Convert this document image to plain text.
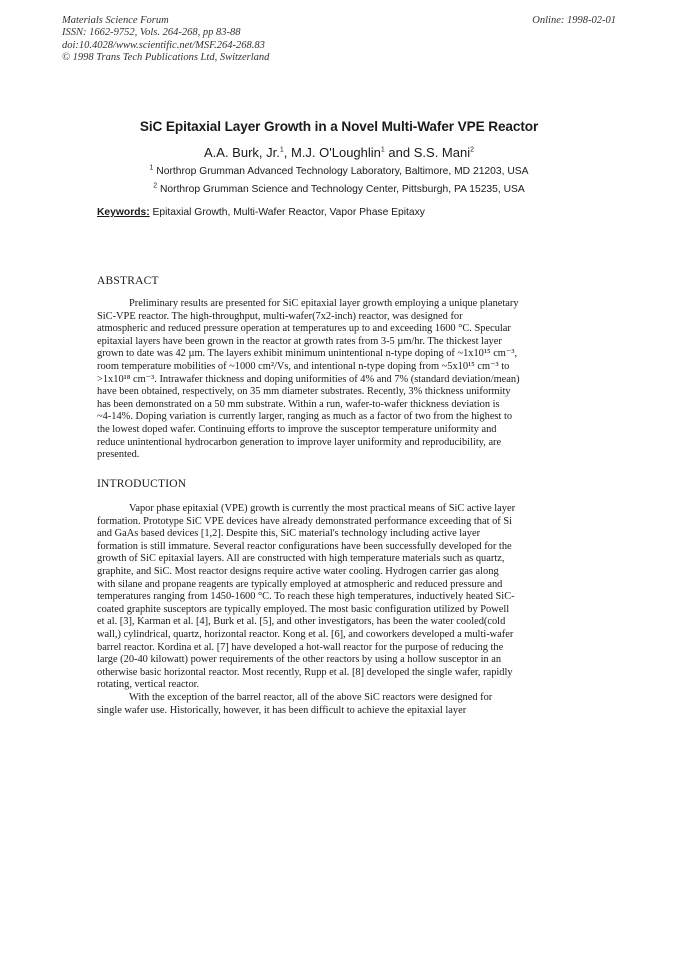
Materials Science Forum
ISSN: 1662-9752, Vols. 264-268, pp 83-88
doi:10.4028/www.scientific.net/MSF.264-268.83
© 1998 Trans Tech Publications Ltd, Switzerland
Online: 1998-02-01
SiC Epitaxial Layer Growth in a Novel Multi-Wafer VPE Reactor
A.A. Burk, Jr.$^1$, M.J. O'Loughlin$^1$ and S.S. Mani$^2$
$^1$ Northrop Grumman Advanced Technology Laboratory, Baltimore, MD 21203, USA
$^2$ Northrop Grumman Science and Technology Center, Pittsburgh, PA 15235, USA
Keywords: Epitaxial Growth, Multi-Wafer Reactor, Vapor Phase Epitaxy
ABSTRACT
Preliminary results are presented for SiC epitaxial layer growth employing a unique planetary
SiC-VPE reactor. The high-throughput, multi-wafer(7x2-inch) reactor, was designed for
atmospheric and reduced pressure operation at temperatures up to and exceeding 1600 °C. Specular
epitaxial layers have been grown in the reactor at growth rates from 3-5 µm/hr. The thickest layer
grown to date was 42 µm. The layers exhibit minimum unintentional n-type doping of ~1x10¹⁵ cm⁻³,
room temperature mobilities of ~1000 cm²/Vs, and intentional n-type doping from ~5x10¹⁵ cm⁻³ to
>1x10¹⁸ cm⁻³. Intrawafer thickness and doping uniformities of 4% and 7% (standard deviation/mean)
have been obtained, respectively, on 35 mm diameter substrates. Recently, 3% thickness uniformity
has been demonstrated on a 50 mm substrate. Within a run, wafer-to-wafer thickness deviation is
~4-14%. Doping variation is currently larger, ranging as much as a factor of two from the highest to
the lowest doped wafer. Continuing efforts to improve the susceptor temperature uniformity and
reduce unintentional hydrocarbon generation to improve layer uniformity and reproducibility, are
presented.
INTRODUCTION
Vapor phase epitaxial (VPE) growth is currently the most practical means of SiC active layer
formation. Prototype SiC VPE devices have already demonstrated performance exceeding that of Si
and GaAs based devices [1,2]. Despite this, SiC material's technology including active layer
formation is still immature. Several reactor configurations have been successfully developed for the
growth of SiC epitaxial layers. All are constructed with high temperature materials such as quartz,
graphite, and SiC. Most reactor designs require active water cooling. Hydrogen carrier gas along
with silane and propane reagents are typically employed at atmospheric and reduced pressure and
temperatures ranging from 1450-1600 °C. To reach these high temperatures, inductively heated SiC-
coated graphite susceptors are typically employed. The most basic configuration utilized by Powell
et al. [3], Karman et al. [4], Burk et al. [5], and other investigators, has been the water cooled(cold
wall,) cylindrical, quartz, horizontal reactor. Kong et al. [6], and coworkers developed a multi-wafer
barrel reactor. Kordina et al. [7] have developed a hot-wall reactor for the purpose of reducing the
large (20-40 kilowatt) power requirements of the other reactors by using a hollow susceptor in an
otherwise basic horizontal reactor. Most recently, Rupp et al. [8] developed the single wafer, rapidly
rotating, vertical reactor.
With the exception of the barrel reactor, all of the above SiC reactors were designed for
single wafer use. Historically, however, it has been difficult to achieve the epitaxial layer
